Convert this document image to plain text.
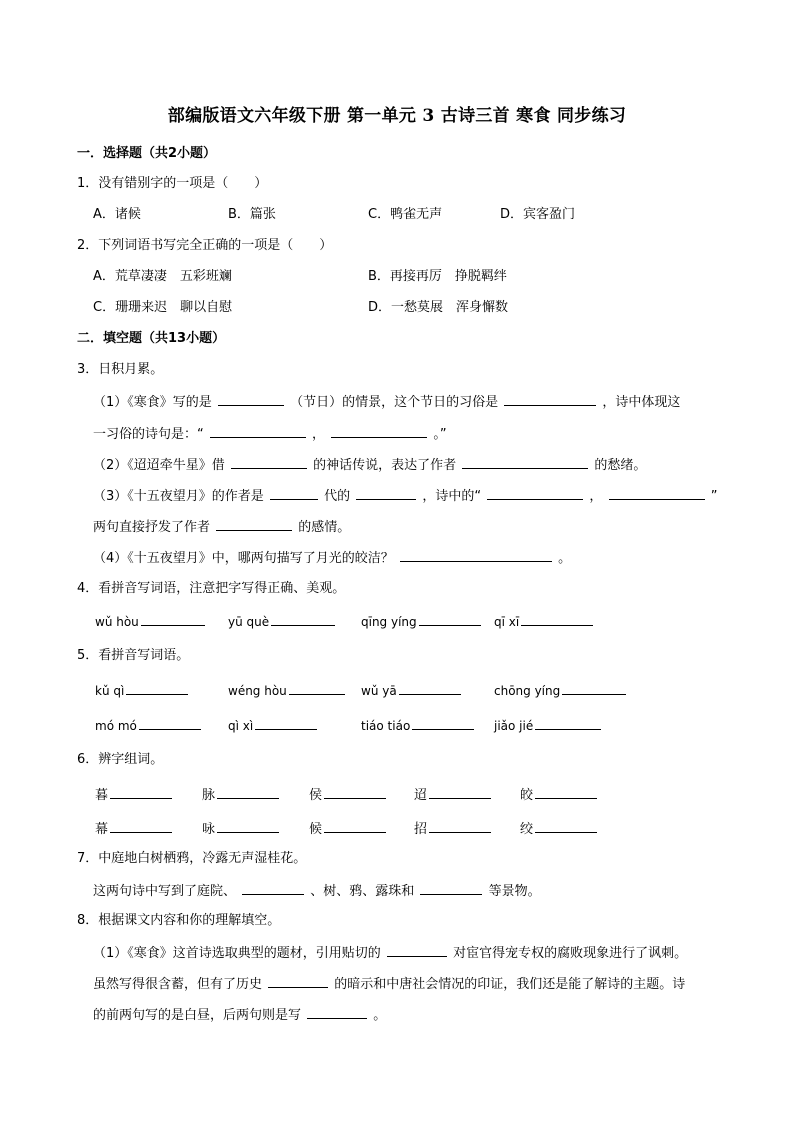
部编版语文六年级下册 第一单元 3 古诗三首 寒食 同步练习
一．选择题（共2小题）
1．没有错别字的一项是（　　）
A．诸候	B．篇张	C．鸭雀无声	D．宾客盈门
2．下列词语书写完全正确的一项是（　　）
A．荒草凄凄　五彩班斓	B．再接再厉　挣脱羁绊
C．珊珊来迟　聊以自慰	D．一愁莫展　浑身懈数
二．填空题（共13小题）
3．日积月累。
（1）《寒食》写的是	（节日）的情景，这个节日的习俗是	，诗中体现这
一习俗的诗句是：“	，	。”
（2）《迢迢牵牛星》借	的神话传说，表达了作者	的愁绪。
（3）《十五夜望月》的作者是	代的	，诗中的“	，	”
两句直接抒发了作者	的感情。
（4）《十五夜望月》中，哪两句描写了月光的皎洁？	。
4．看拼音写词语，注意把字写得正确、美观。
wǔ hòu	yū què	qīng yíng	qī xī
5．看拼音写词语。
kǔ qì	wéng hòu	wǔ yā	chōng yíng
mó mó	qì xì	tiáo tiáo	jiǎo jié
6．辨字组词。
暮	脉	侯	迢	皎
幕	咏	候	招	绞
7．中庭地白树栖鸦，冷露无声湿桂花。
这两句诗中写到了庭院、	、树、鸦、露珠和	等景物。
8．根据课文内容和你的理解填空。
（1）《寒食》这首诗选取典型的题材，引用贴切的	对宦官得宠专权的腐败现象进行了讽刺。
虽然写得很含蓄，但有了历史	的暗示和中唐社会情况的印证，我们还是能了解诗的主题。诗
的前两句写的是白昼，后两句则是写	。
